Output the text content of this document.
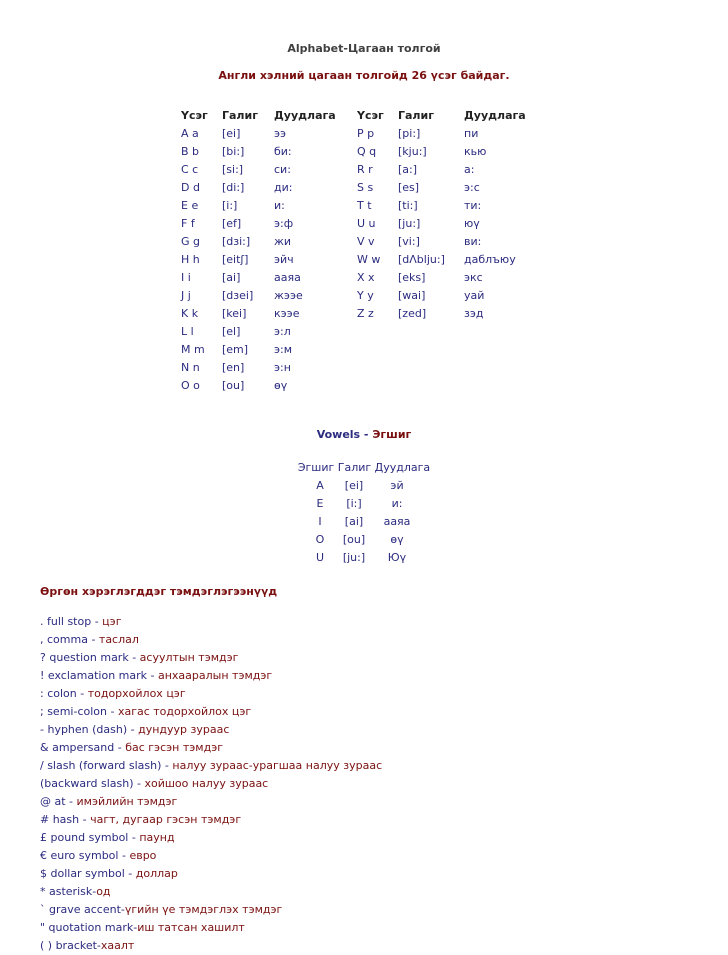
Alphabet-Цагаан толгой
Англи хэлний цагаан толгойд 26 үсэг байдаг.
Үсэг	Галиг	Дуудлага	Үсэг	Галиг	Дуудлага
A a	[ei]	ээ	P p	[pi:]	пи
B b	[bi:]	би:	Q q	[kju:]	кью
C c	[si:]	си:	R r	[a:]	а:
D d	[di:]	ди:	S s	[es]	э:с
E e	[i:]	и:	T t	[ti:]	ти:
F f	[ef]	э:ф	U u	[ju:]	юү
G g	[dзi:]	жи	V v	[vi:]	ви:
H h	[eitʃ]	эйч	W w	[dΛblju:]	даблъюу
I i	[ai]	ааяа	X x	[eks]	экс
J j	[dзei]	жээе	Y y	[wai]	уай
K k	[kei]	кээе	Z z	[zed]	зэд
L l	[el]	э:л			
M m	[em]	э:м			
N n	[en]	э:н			
O o	[ou]	өү			
Vowels - Эгшиг
Эгшиг Галиг Дуудлага
A	[ei]	эй
E	[i:]	и:
I	[ai]	ааяа
O	[ou]	өү
U	[ju:]	Юү
Өргөн хэрэглэгддэг тэмдэглэгээнүүд
. full stop - цэг
, comma - таслал
? question mark - асуултын тэмдэг
! exclamation mark - анхааралын тэмдэг
: colon - тодорхойлох цэг
; semi-colon - хагас тодорхойлох цэг
- hyphen (dash) - дундуур зураас
& ampersand - бас гэсэн тэмдэг
/ slash (forward slash) - налуу зураас-урагшаа налуу зураас
(backward slash) - хойшоо налуу зураас
@ at - имэйлийн тэмдэг
# hash - чагт, дугаар гэсэн тэмдэг
£ pound symbol - паунд
€ euro symbol - евро
$ dollar symbol - доллар
* asterisk-од
` grave accent-үгийн үе тэмдэглэх тэмдэг
" quotation mark-иш татсан хашилт
( ) bracket-хаалт
